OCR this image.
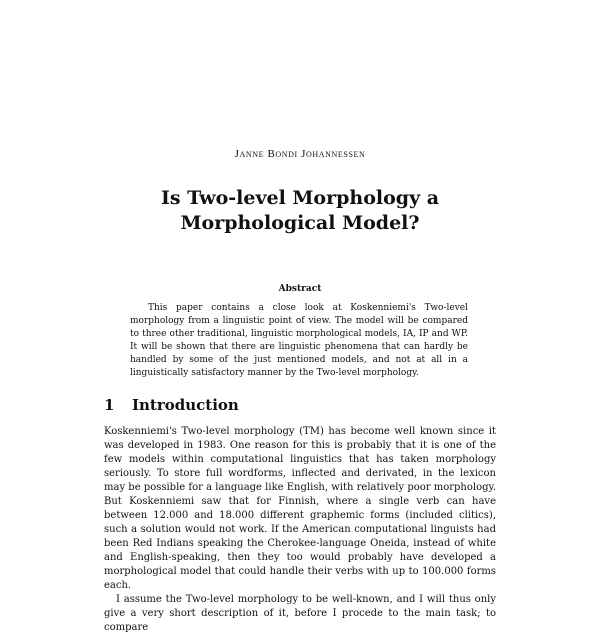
Janne Bondi Johannessen
Is Two-level Morphology a
Morphological Model?
Abstract
This paper contains a close look at Koskenniemi's Two-level morphology from a linguistic point of view. The model will be compared to three other traditional, linguistic morphological models, IA, IP and WP. It will be shown that there are linguistic phenomena that can hardly be handled by some of the just mentioned models, and not at all in a linguistically satisfactory manner by the Two-level morphology.
1 Introduction

Koskenniemi's Two-level morphology (TM) has become well known since it was developed in 1983. One reason for this is probably that it is one of the few models within computational linguistics that has taken morphology seriously. To store full wordforms, inflected and derivated, in the lexicon may be possible for a language like English, with relatively poor morphology. But Koskenniemi saw that for Finnish, where a single verb can have between 12.000 and 18.000 different graphemic forms (included clitics), such a solution would not work. If the American computational linguists had been Red Indians speaking the Cherokee-language Oneida, instead of white and English-speaking, then they too would probably have developed a morphological model that could handle their verbs with up to 100.000 forms each.

I assume the Two-level morphology to be well-known, and I will thus only give a very short description of it, before I procede to the main task; to compare
